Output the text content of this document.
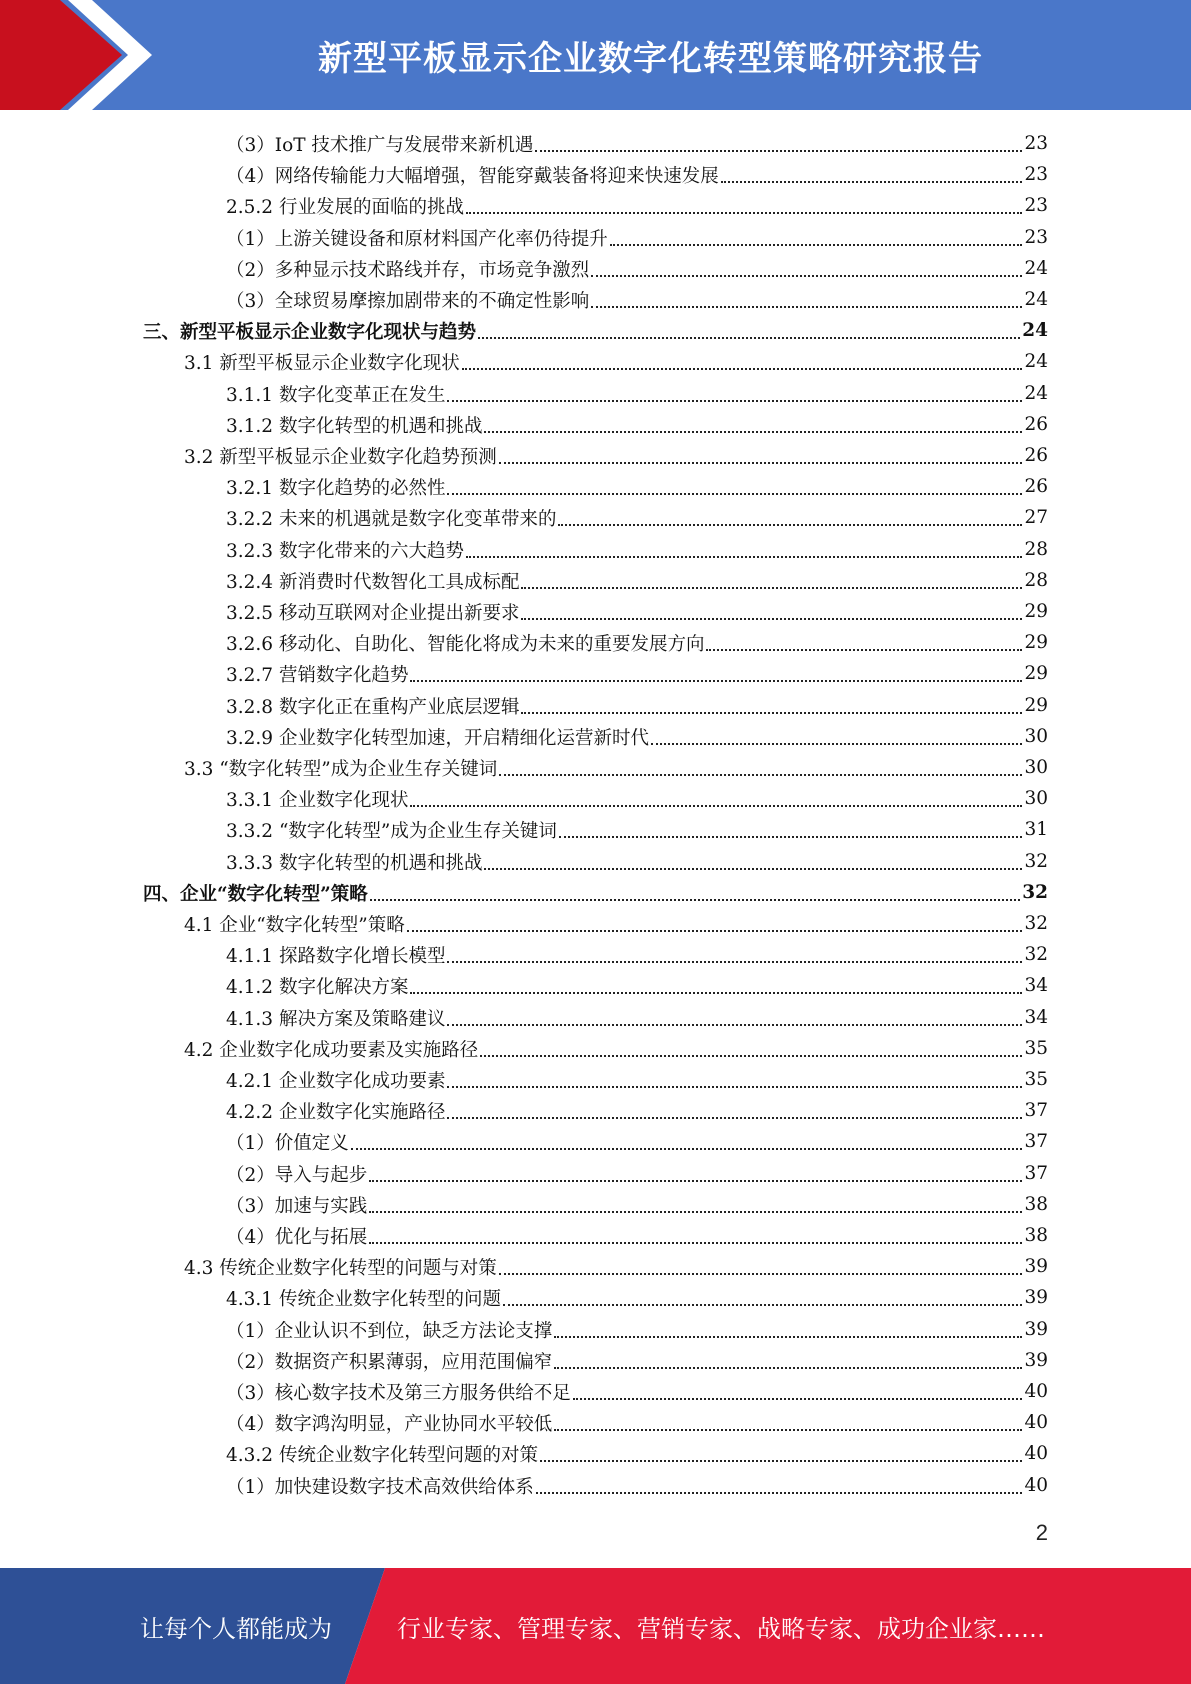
新型平板显示企业数字化转型策略研究报告
（3）IoT 技术推广与发展带来新机遇	23
（4）网络传输能力大幅增强，智能穿戴装备将迎来快速发展	23
2.5.2 行业发展的面临的挑战	23
（1）上游关键设备和原材料国产化率仍待提升	23
（2）多种显示技术路线并存，市场竞争激烈	24
（3）全球贸易摩擦加剧带来的不确定性影响	24
三、新型平板显示企业数字化现状与趋势	24
3.1 新型平板显示企业数字化现状	24
3.1.1 数字化变革正在发生	24
3.1.2 数字化转型的机遇和挑战	26
3.2 新型平板显示企业数字化趋势预测	26
3.2.1 数字化趋势的必然性	26
3.2.2 未来的机遇就是数字化变革带来的	27
3.2.3 数字化带来的六大趋势	28
3.2.4 新消费时代数智化工具成标配	28
3.2.5 移动互联网对企业提出新要求	29
3.2.6 移动化、自助化、智能化将成为未来的重要发展方向	29
3.2.7 营销数字化趋势	29
3.2.8 数字化正在重构产业底层逻辑	29
3.2.9 企业数字化转型加速，开启精细化运营新时代	30
3.3 “数字化转型”成为企业生存关键词	30
3.3.1 企业数字化现状	30
3.3.2 “数字化转型”成为企业生存关键词	31
3.3.3 数字化转型的机遇和挑战	32
四、企业“数字化转型”策略	32
4.1 企业“数字化转型”策略	32
4.1.1 探路数字化增长模型	32
4.1.2 数字化解决方案	34
4.1.3 解决方案及策略建议	34
4.2 企业数字化成功要素及实施路径	35
4.2.1 企业数字化成功要素	35
4.2.2 企业数字化实施路径	37
（1）价值定义	37
（2）导入与起步	37
（3）加速与实践	38
（4）优化与拓展	38
4.3 传统企业数字化转型的问题与对策	39
4.3.1 传统企业数字化转型的问题	39
（1）企业认识不到位，缺乏方法论支撑	39
（2）数据资产积累薄弱，应用范围偏窄	39
（3）核心数字技术及第三方服务供给不足	40
（4）数字鸿沟明显，产业协同水平较低	40
4.3.2 传统企业数字化转型问题的对策	40
（1）加快建设数字技术高效供给体系	40
2
让每个人都能成为	行业专家、管理专家、营销专家、战略专家、成功企业家……
